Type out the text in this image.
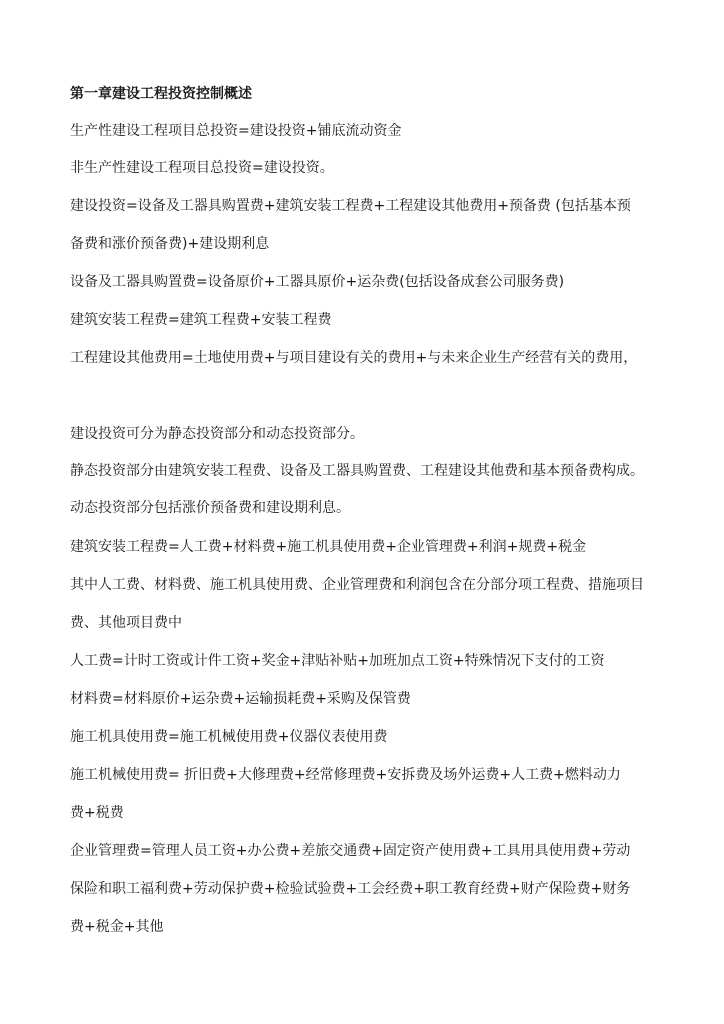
第一章建设工程投资控制概述
生产性建设工程项目总投资=建设投资+铺底流动资金
非生产性建设工程项目总投资=建设投资。
建设投资=设备及工器具购置费+建筑安装工程费+工程建设其他费用+预备费 (包括基本预
备费和涨价预备费)+建设期利息
设备及工器具购置费=设备原价+工器具原价+运杂费(包括设备成套公司服务费)
建筑安装工程费=建筑工程费+安装工程费
工程建设其他费用=土地使用费+与项目建设有关的费用+与未来企业生产经营有关的费用，
建设投资可分为静态投资部分和动态投资部分。
静态投资部分由建筑安装工程费、设备及工器具购置费、工程建设其他费和基本预备费构成。
动态投资部分包括涨价预备费和建设期利息。
建筑安装工程费=人工费+材料费+施工机具使用费+企业管理费+利润+规费+税金
其中人工费、材料费、施工机具使用费、企业管理费和利润包含在分部分项工程费、措施项目
费、其他项目费中
人工费=计时工资或计件工资+奖金+津贴补贴+加班加点工资+特殊情况下支付的工资
材料费=材料原价+运杂费+运输损耗费+采购及保管费
施工机具使用费=施工机械使用费+仪器仪表使用费
施工机械使用费= 折旧费+大修理费+经常修理费+安拆费及场外运费+人工费+燃料动力
费+税费
企业管理费=管理人员工资+办公费+差旅交通费+固定资产使用费+工具用具使用费+劳动
保险和职工福利费+劳动保护费+检验试验费+工会经费+职工教育经费+财产保险费+财务
费+税金+其他
